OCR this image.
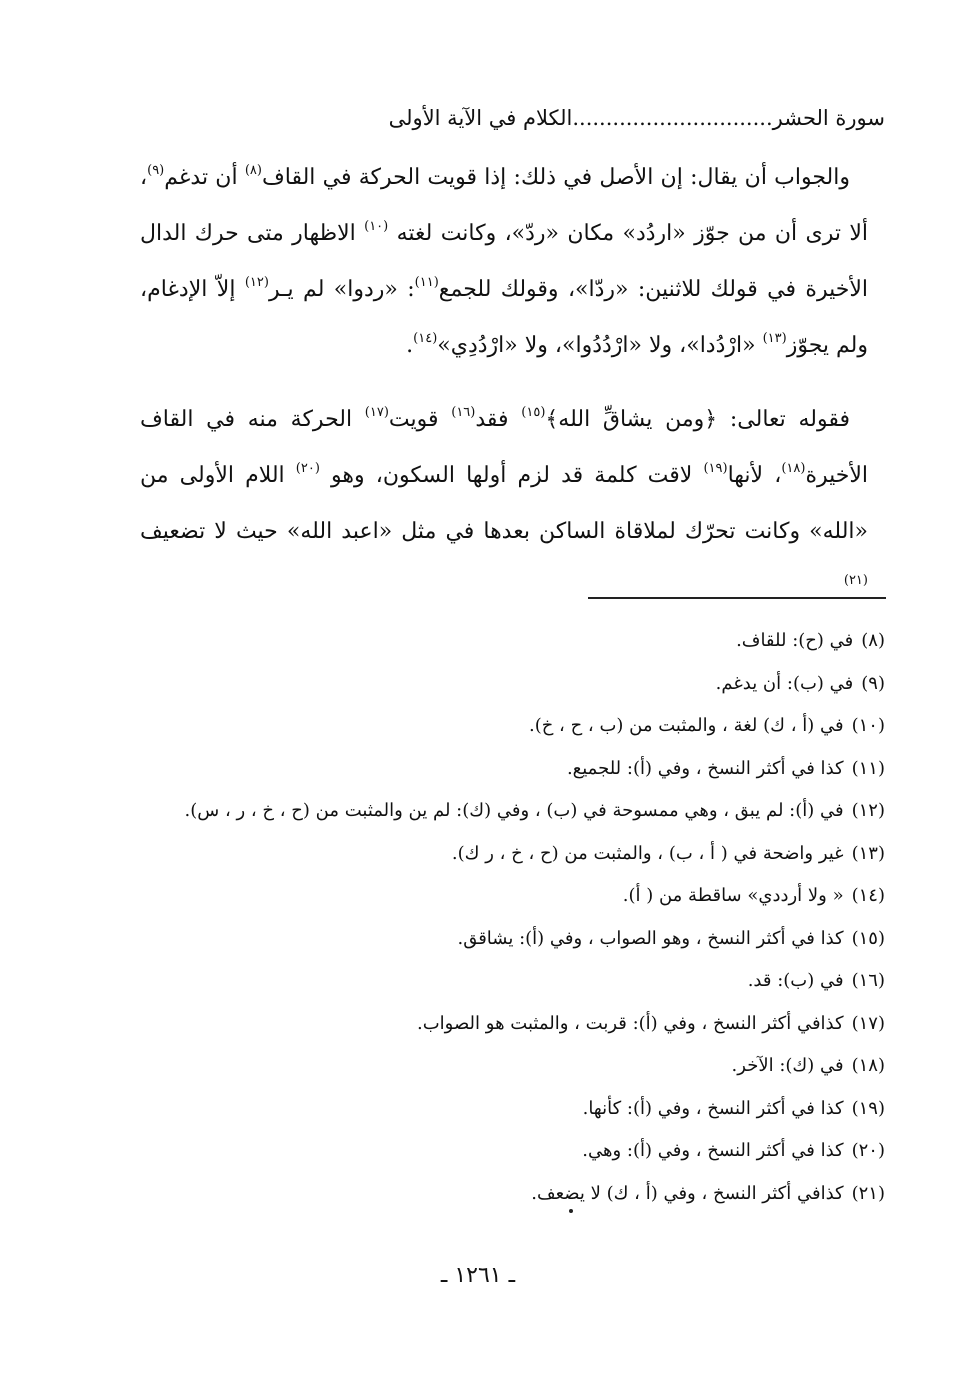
سورة الحشر..............................الكلام في الآية الأولى

والجواب أن يقال: إن الأصل في ذلك: إذا قويت الحركة في القاف$^{(٨)}$ أن تدغم$^{(٩)}$، ألا ترى أن من جوّز «اردُد» مكان «ردّ»، وكانت لغته $^{(١٠)}$ الاظهار متى حرك الدال الأخيرة في قولك للاثنين: «ردّا»، وقولك للجمع$^{(١١)}$: «ردوا» لم يـر$^{(١٢)}$ إلاّ الإدغام، ولم يجوّز$^{(١٣)}$ «ارْدُدا»، ولا «ارْدُدُوا»، ولا «ارْدُدِي»$^{(١٤)}$.

فقوله تعالى: ﴿ومن يشاقِّ الله﴾$^{(١٥)}$ فقد$^{(١٦)}$ قويت$^{(١٧)}$ الحركة منه في القاف الأخيرة$^{(١٨)}$، لأنها$^{(١٩)}$ لاقت كلمة قد لزم أولها السكون، وهو $^{(٢٠)}$ اللام الأولى من «الله» وكانت تحرّك لملاقاة الساكن بعدها في مثل «اعبد الله» حيث لا تضعيف $^{(٢١)}$

(٨)في (ح): للقاف.
(٩)في (ب): أن يدغم.
(١٠)في (أ ، ك) لغة ، والمثبت من (ب ، ح ، خ).
(١١)كذا في أكثر النسخ ، وفي (أ): للجميع.
(١٢)في (أ): لم يبق ، وهي ممسوحة في (ب) ، وفي (ك): لم ين والمثبت من (ح ، خ ، ر ، س).
(١٣)غير واضحة في ( أ ، ب) ، والمثبت من (ح ، خ ، ر ك).
(١٤)« ولا أرددي» ساقطة من ( أ).
(١٥)كذا في أكثر النسخ ، وهو الصواب ، وفي (أ): يشاقق.
(١٦)في (ب): قد.
(١٧)كذافي أكثر النسخ ، وفي (أ): قربت ، والمثبت هو الصواب.
(١٨)في (ك): الآخر.
(١٩)كذا في أكثر النسخ ، وفي (أ): كأنها.
(٢٠)كذا في أكثر النسخ ، وفي (أ): وهي.
(٢١)كذافي أكثر النسخ ، وفي (أ ، ك) لا يضعف.
ـ ١٢٦١ ـ
